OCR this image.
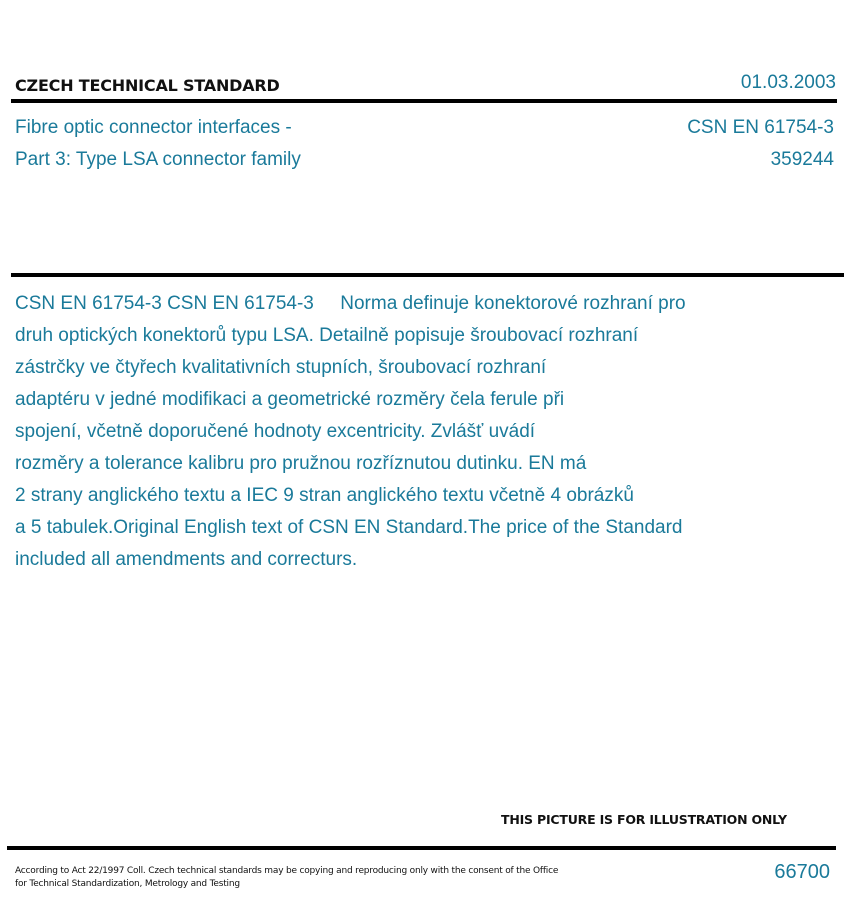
CZECH TECHNICAL STANDARD	01.03.2003
Fibre optic connector interfaces -
Part 3: Type LSA connector family
CSN EN 61754-3
359244

CSN EN 61754-3 CSN EN 61754-3     Norma definuje konektorové rozhraní pro
druh optických konektorů typu LSA. Detailně popisuje šroubovací rozhraní
zástrčky ve čtyřech kvalitativních stupních, šroubovací rozhraní
adaptéru v jedné modifikaci a geometrické rozměry čela ferule při
spojení, včetně doporučené hodnoty excentricity. Zvlášť uvádí
rozměry a tolerance kalibru pro pružnou rozříznutou dutinku. EN má
2 strany anglického textu a IEC 9 stran anglického textu včetně 4 obrázků
a 5 tabulek.Original English text of CSN EN Standard.The price of the Standard
included all amendments and correcturs.

THIS PICTURE IS FOR ILLUSTRATION ONLY
According to Act 22/1997 Coll. Czech technical standards may be copying and reproducing only with the consent of the Office
for Technical Standardization, Metrology and Testing
66700
